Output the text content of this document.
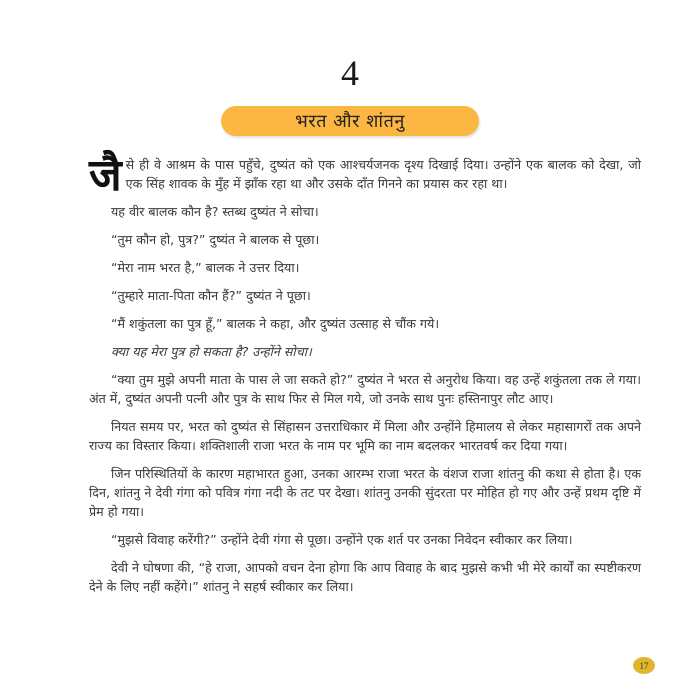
4
भरत और शांतनु

जैसे ही वे आश्रम के पास पहुँचे, दुष्यंत को एक आश्चर्यजनक दृश्य दिखाई दिया। उन्होंने एक बालक को देखा, जो एक सिंह शावक के मुँह में झाँक रहा था और उसके दाँत गिनने का प्रयास कर रहा था।

यह वीर बालक कौन है? स्तब्ध दुष्यंत ने सोचा।

“तुम कौन हो, पुत्र?” दुष्यंत ने बालक से पूछा।

“मेरा नाम भरत है,” बालक ने उत्तर दिया।

“तुम्हारे माता-पिता कौन हैं?” दुष्यंत ने पूछा।

“मैं शकुंतला का पुत्र हूँ,” बालक ने कहा, और दुष्यंत उत्साह से चौंक गये।

क्या यह मेरा पुत्र हो सकता है? उन्होंने सोचा।

“क्या तुम मुझे अपनी माता के पास ले जा सकते हो?” दुष्यंत ने भरत से अनुरोध किया। वह उन्हें शकुंतला तक ले गया। अंत में, दुष्यंत अपनी पत्नी और पुत्र के साथ फिर से मिल गये, जो उनके साथ पुनः हस्तिनापुर लौट आए।

नियत समय पर, भरत को दुष्यंत से सिंहासन उत्तराधिकार में मिला और उन्होंने हिमालय से लेकर महासागरों तक अपने राज्य का विस्तार किया। शक्तिशाली राजा भरत के नाम पर भूमि का नाम बदलकर भारतवर्ष कर दिया गया।

जिन परिस्थितियों के कारण महाभारत हुआ, उनका आरम्भ राजा भरत के वंशज राजा शांतनु की कथा से होता है। एक दिन, शांतनु ने देवी गंगा को पवित्र गंगा नदी के तट पर देखा। शांतनु उनकी सुंदरता पर मोहित हो गए और उन्हें प्रथम दृष्टि में प्रेम हो गया।

“मुझसे विवाह करेंगी?” उन्होंने देवी गंगा से पूछा। उन्होंने एक शर्त पर उनका निवेदन स्वीकार कर लिया।

देवी ने घोषणा की, “हे राजा, आपको वचन देना होगा कि आप विवाह के बाद मुझसे कभी भी मेरे कार्यों का स्पष्टीकरण देने के लिए नहीं कहेंगे।” शांतनु ने सहर्ष स्वीकार कर लिया।

17
